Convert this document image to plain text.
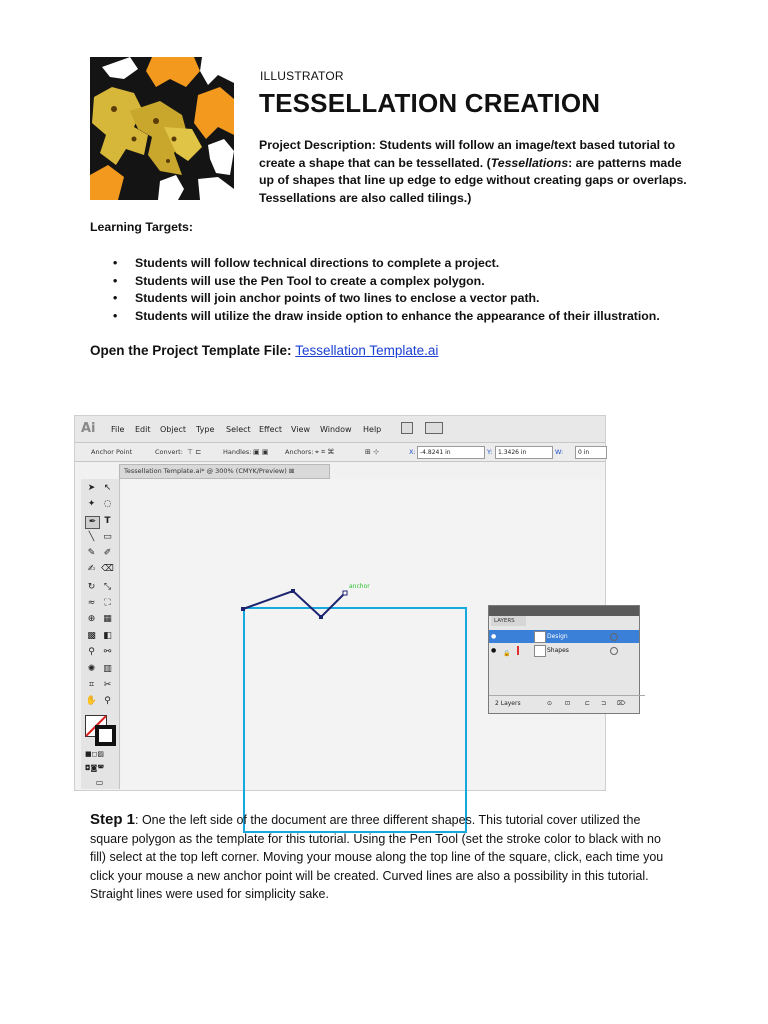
ILLUSTRATOR
TESSELLATION CREATION
Project Description: Students will follow an image/text based tutorial to create a shape that can be tessellated. (Tessellations: are patterns made up of shapes that line up edge to edge without creating gaps or overlaps. Tessellations are also called tilings.)
Learning Targets:
• Students will follow technical directions to complete a project.
• Students will use the Pen Tool to create a complex polygon.
• Students will join anchor points of two lines to enclose a vector path.
• Students will utilize the draw inside option to enhance the appearance of their illustration.
Open the Project Template File: Tessellation Template.ai
Ai File Edit Object Type Select Effect View Window Help
Anchor Point	Convert: ⊤ ⊏	Handles: ▣ ▣	Anchors: ⌖ ⌗ ⌘	⊞ ⊹	X: -4.8241 in	Y: 1.3426 in	W:	0 in
Tessellation Template.ai* @ 300% (CMYK/Preview) ⊠
➤ ↖
✦ ◌
✒ T
╲	▭
✎ ✐
✍ ⌫
↻ ⤡
≈	⛶
⊕ ▦
▩ ◧
⚲ ⚯
✺ ▥
⌗	✂
✋ ⚲
■◻▨
◘◙◚
▭
anchor
LAYERS
●	Design
●	🔒	Shapes
2 Layers	⊙ ⊡ ⊏ ⊐ ⌦
Step 1: One the left side of the document are three different shapes. This tutorial cover utilized the square polygon as the template for this tutorial. Using the Pen Tool (set the stroke color to black with no fill) select at the top left corner. Moving your mouse along the top line of the square, click, each time you click your mouse a new anchor point will be created. Curved lines are also a possibility in this tutorial. Straight lines were used for simplicity sake.
